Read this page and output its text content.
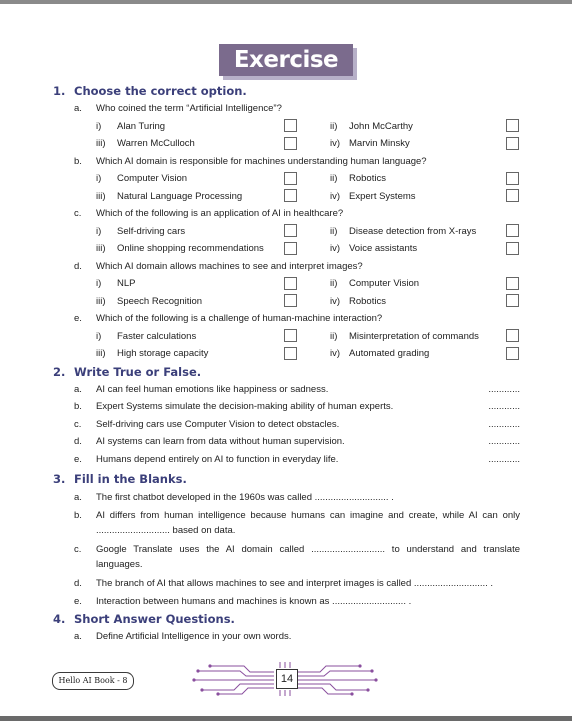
Exercise
1. Choose the correct option.
a. Who coined the term “Artificial Intelligence”?
i) Alan Turing	ii) John McCarthy
iii) Warren McCulloch	iv) Marvin Minsky
b. Which AI domain is responsible for machines understanding human language?
i) Computer Vision	ii) Robotics
iii) Natural Language Processing	iv) Expert Systems
c. Which of the following is an application of AI in healthcare?
i) Self-driving cars	ii) Disease detection from X-rays
iii) Online shopping recommendations	iv) Voice assistants
d. Which AI domain allows machines to see and interpret images?
i) NLP	ii) Computer Vision
iii) Speech Recognition	iv) Robotics
e. Which of the following is a challenge of human-machine interaction?
i) Faster calculations	ii) Misinterpretation of commands
iii) High storage capacity	iv) Automated grading
2. Write True or False.
a. AI can feel human emotions like happiness or sadness.	............
b. Expert Systems simulate the decision-making ability of human experts.	............
c. Self-driving cars use Computer Vision to detect obstacles.	............
d. AI systems can learn from data without human supervision.	............
e. Humans depend entirely on AI to function in everyday life.	............
3. Fill in the Blanks.
a. The first chatbot developed in the 1960s was called ............................ .
b. AI differs from human intelligence because humans can imagine and create, while AI can only ............................ based on data.
c. Google Translate uses the AI domain called ............................ to understand and translate languages.
d. The branch of AI that allows machines to see and interpret images is called ............................ .
e. Interaction between humans and machines is known as ............................ .
4. Short Answer Questions.
a. Define Artificial Intelligence in your own words.
Hello AI Book - 8	14
